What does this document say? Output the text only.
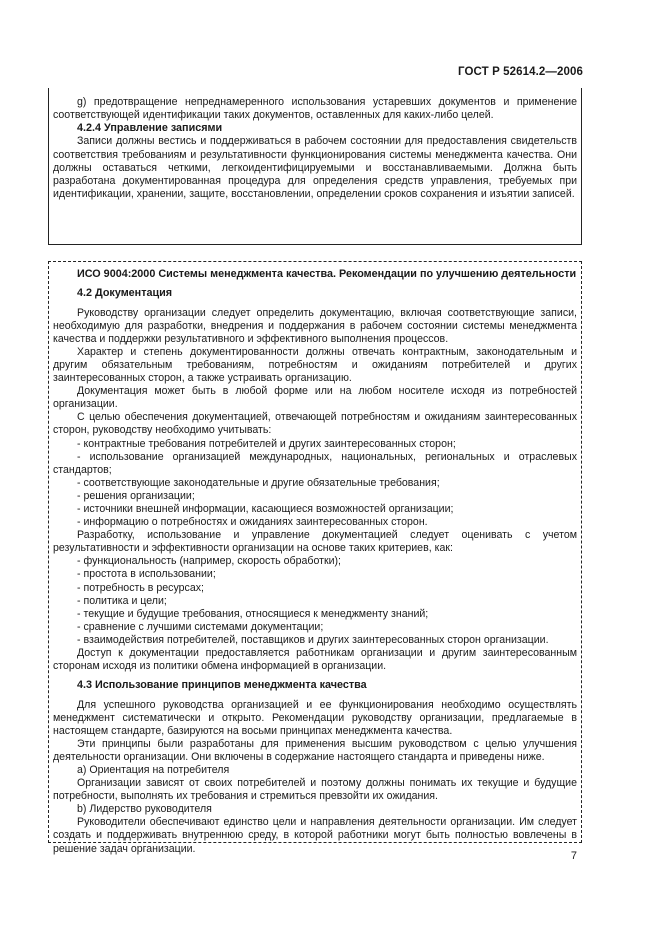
ГОСТ Р 52614.2—2006

g) предотвращение непреднамеренного использования устаревших документов и применение соответствующей идентификации таких документов, оставленных для каких-либо целей.

4.2.4 Управление записями

Записи должны вестись и поддерживаться в рабочем состоянии для предоставления свидетельств соответствия требованиям и результативности функционирования системы менеджмента качества. Они должны оставаться четкими, легкоидентифицируемыми и восстанавливаемыми. Должна быть разработана документированная процедура для определения средств управления, требуемых при идентификации, хранении, защите, восстановлении, определении сроков сохранения и изъятии записей.

ИСО 9004:2000 Системы менеджмента качества. Рекомендации по улучшению деятельности

4.2 Документация

Руководству организации следует определить документацию, включая соответствующие записи, необходимую для разработки, внедрения и поддержания в рабочем состоянии системы менеджмента качества и поддержки результативного и эффективного выполнения процессов.

Характер и степень документированности должны отвечать контрактным, законодательным и другим обязательным требованиям, потребностям и ожиданиям потребителей и других заинтересованных сторон, а также устраивать организацию.

Документация может быть в любой форме или на любом носителе исходя из потребностей организации.

С целью обеспечения документацией, отвечающей потребностям и ожиданиям заинтересованных сторон, руководству необходимо учитывать:

- контрактные требования потребителей и других заинтересованных сторон;

- использование организацией международных, национальных, региональных и отраслевых стандартов;

- соответствующие законодательные и другие обязательные требования;

- решения организации;

- источники внешней информации, касающиеся возможностей организации;

- информацию о потребностях и ожиданиях заинтересованных сторон.

Разработку, использование и управление документацией следует оценивать с учетом результативности и эффективности организации на основе таких критериев, как:

- функциональность (например, скорость обработки);

- простота в использовании;

- потребность в ресурсах;

- политика и цели;

- текущие и будущие требования, относящиеся к менеджменту знаний;

- сравнение с лучшими системами документации;

- взаимодействия потребителей, поставщиков и других заинтересованных сторон организации.

Доступ к документации предоставляется работникам организации и другим заинтересованным сторонам исходя из политики обмена информацией в организации.

4.3 Использование принципов менеджмента качества

Для успешного руководства организацией и ее функционирования необходимо осуществлять менеджмент систематически и открыто. Рекомендации руководству организации, предлагаемые в настоящем стандарте, базируются на восьми принципах менеджмента качества.

Эти принципы были разработаны для применения высшим руководством с целью улучшения деятельности организации. Они включены в содержание настоящего стандарта и приведены ниже.

а) Ориентация на потребителя

Организации зависят от своих потребителей и поэтому должны понимать их текущие и будущие потребности, выполнять их требования и стремиться превзойти их ожидания.

b) Лидерство руководителя

Руководители обеспечивают единство цели и направления деятельности организации. Им следует создать и поддерживать внутреннюю среду, в которой работники могут быть полностью вовлечены в решение задач организации.

7
